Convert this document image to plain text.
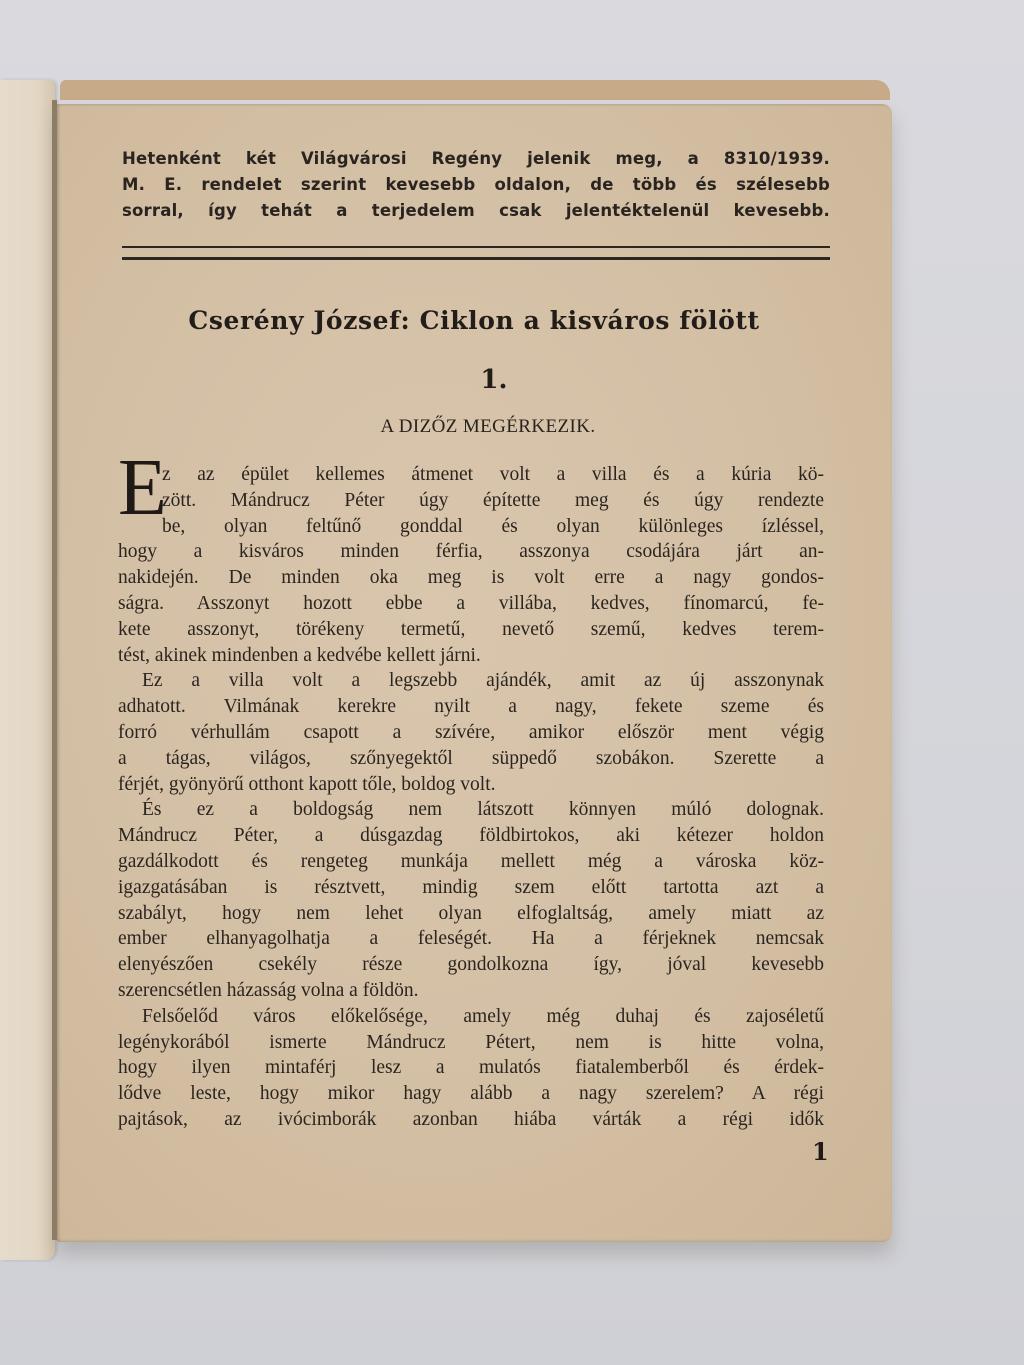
Hetenként két Világvárosi Regény jelenik meg, a 8310/1939.
M. E. rendelet szerint kevesebb oldalon, de több és szélesebb
sorral, így tehát a terjedelem csak jelentéktelenül kevesebb.
Cserény József: Ciklon a kisváros fölött
1.
A DIZŐZ MEGÉRKEZIK.
E
z az épület kellemes átmenet volt a villa és a kúria kö-
zött. Mándrucz Péter úgy építette meg és úgy rendezte
be, olyan feltűnő gonddal és olyan különleges ízléssel,
hogy a kisváros minden férfia, asszonya csodájára járt an-
nakidején. De minden oka meg is volt erre a nagy gondos-
ságra. Asszonyt hozott ebbe a villába, kedves, fínomarcú, fe-
kete asszonyt, törékeny termetű, nevető szemű, kedves terem-
tést, akinek mindenben a kedvébe kellett járni.
Ez a villa volt a legszebb ajándék, amit az új asszonynak
adhatott. Vilmának kerekre nyilt a nagy, fekete szeme és
forró vérhullám csapott a szívére, amikor először ment végig
a tágas, világos, szőnyegektől süppedő szobákon. Szerette a
férjét, gyönyörű otthont kapott tőle, boldog volt.
És ez a boldogság nem látszott könnyen múló dolognak.
Mándrucz Péter, a dúsgazdag földbirtokos, aki kétezer holdon
gazdálkodott és rengeteg munkája mellett még a városka köz-
igazgatásában is résztvett, mindig szem előtt tartotta azt a
szabályt, hogy nem lehet olyan elfoglaltság, amely miatt az
ember elhanyagolhatja a feleségét. Ha a férjeknek nemcsak
elenyészően csekély része gondolkozna így, jóval kevesebb
szerencsétlen házasság volna a földön.
Felsőelőd város előkelősége, amely még duhaj és zajoséletű
legénykorából ismerte Mándrucz Pétert, nem is hitte volna,
hogy ilyen mintaférj lesz a mulatós fiatalemberből és érdek-
lődve leste, hogy mikor hagy alább a nagy szerelem? A régi
pajtások, az ivócimborák azonban hiába várták a régi idők
1
